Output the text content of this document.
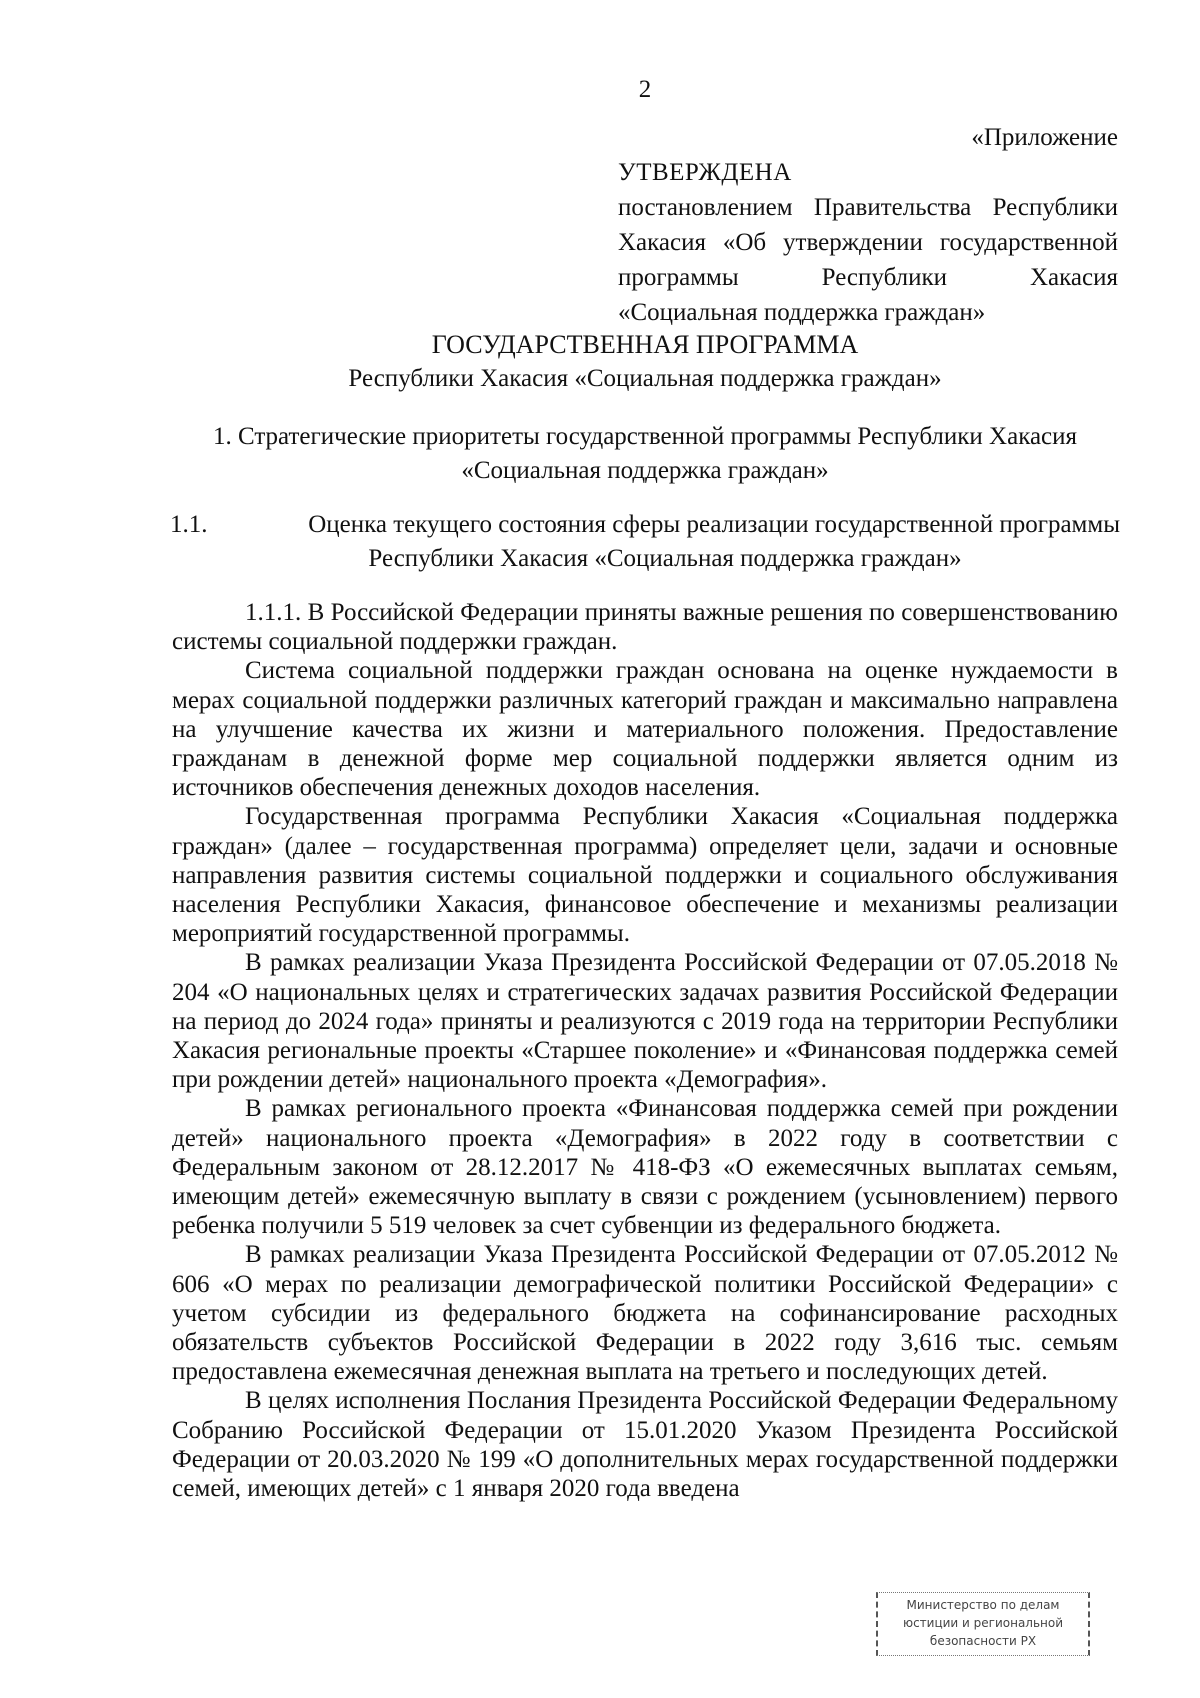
2
«Приложение
УТВЕРЖДЕНА
постановлением Правительства Республики
Хакасия «Об утверждении государственной
программы Республики Хакасия
«Социальная поддержка граждан»
ГОСУДАРСТВЕННАЯ ПРОГРАММА
Республики Хакасия «Социальная поддержка граждан»
1. Стратегические приоритеты государственной программы Республики Хакасия
«Социальная поддержка граждан»
1.1.	Оценка текущего состояния сферы реализации государственной программы
Республики Хакасия «Социальная поддержка граждан»

1.1.1. В Российской Федерации приняты важные решения по совершенствованию системы социальной поддержки граждан.

Система социальной поддержки граждан основана на оценке нуждаемости в мерах социальной поддержки различных категорий граждан и максимально направлена на улучшение качества их жизни и материального положения. Предоставление гражданам в денежной форме мер социальной поддержки является одним из источников обеспечения денежных доходов населения.

Государственная программа Республики Хакасия «Социальная поддержка граждан» (далее – государственная программа) определяет цели, задачи и основные направления развития системы социальной поддержки и социального обслуживания населения Республики Хакасия, финансовое обеспечение и механизмы реализации мероприятий государственной программы.

В рамках реализации Указа Президента Российской Федерации от 07.05.2018 № 204 «О национальных целях и стратегических задачах развития Российской Федерации на период до 2024 года» приняты и реализуются с 2019 года на территории Республики Хакасия региональные проекты «Старшее поколение» и «Финансовая поддержка семей при рождении детей» национального проекта «Демография».

В рамках регионального проекта «Финансовая поддержка семей при рождении детей» национального проекта «Демография» в 2022 году в соответствии с Федеральным законом от 28.12.2017 № 418-ФЗ «О ежемесячных выплатах семьям, имеющим детей» ежемесячную выплату в связи с рождением (усыновлением) первого ребенка получили 5 519 человек за счет субвенции из федерального бюджета.

В рамках реализации Указа Президента Российской Федерации от 07.05.2012 № 606 «О мерах по реализации демографической политики Российской Федерации» с учетом субсидии из федерального бюджета на софинансирование расходных обязательств субъектов Российской Федерации в 2022 году 3,616 тыс. семьям предоставлена ежемесячная денежная выплата на третьего и последующих детей.

В целях исполнения Послания Президента Российской Федерации Федеральному Собранию Российской Федерации от 15.01.2020 Указом Президента Российской Федерации от 20.03.2020 № 199 «О дополнительных мерах государственной поддержки семей, имеющих детей» с 1 января 2020 года введена

Министерство по делам
юстиции и региональной
безопасности РХ
